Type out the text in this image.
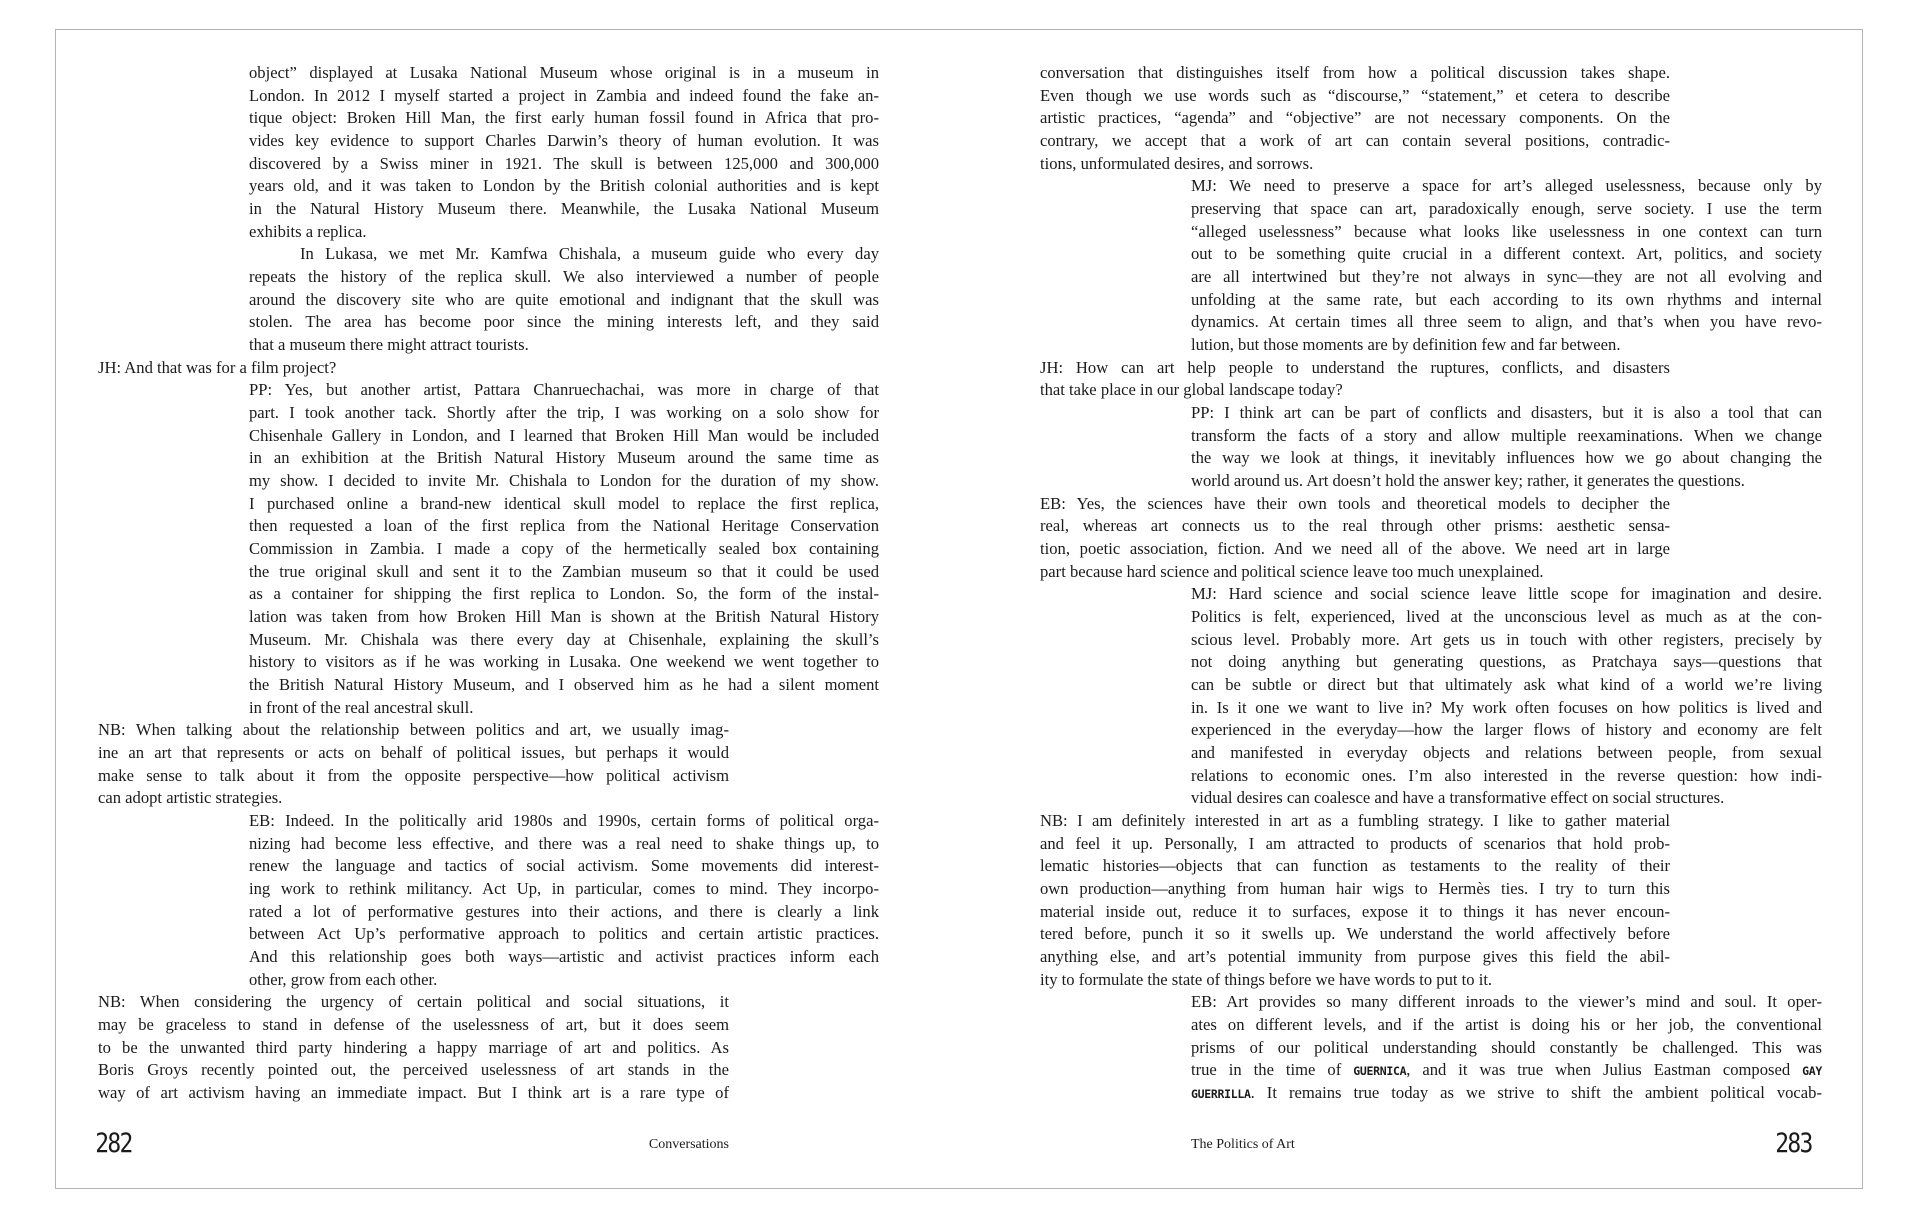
object” displayed at Lusaka National Museum whose original is in a museum in
London. In 2012 I myself started a project in Zambia and indeed found the fake an-
tique object: Broken Hill Man, the first early human fossil found in Africa that pro-
vides key evidence to support Charles Darwin’s theory of human evolution. It was
discovered by a Swiss miner in 1921. The skull is between 125,000 and 300,000
years old, and it was taken to London by the British colonial authorities and is kept
in the Natural History Museum there. Meanwhile, the Lusaka National Museum
exhibits a replica.
In Lukasa, we met Mr. Kamfwa Chishala, a museum guide who every day
repeats the history of the replica skull. We also interviewed a number of people
around the discovery site who are quite emotional and indignant that the skull was
stolen. The area has become poor since the mining interests left, and they said
that a museum there might attract tourists.
JH: And that was for a film project?
PP: Yes, but another artist, Pattara Chanruechachai, was more in charge of that
part. I took another tack. Shortly after the trip, I was working on a solo show for
Chisenhale Gallery in London, and I learned that Broken Hill Man would be included
in an exhibition at the British Natural History Museum around the same time as
my show. I decided to invite Mr. Chishala to London for the duration of my show.
I purchased online a brand-new identical skull model to replace the first replica,
then requested a loan of the first replica from the National Heritage Conservation
Commission in Zambia. I made a copy of the hermetically sealed box containing
the true original skull and sent it to the Zambian museum so that it could be used
as a container for shipping the first replica to London. So, the form of the instal-
lation was taken from how Broken Hill Man is shown at the British Natural History
Museum. Mr. Chishala was there every day at Chisenhale, explaining the skull’s
history to visitors as if he was working in Lusaka. One weekend we went together to
the British Natural History Museum, and I observed him as he had a silent moment
in front of the real ancestral skull.
NB: When talking about the relationship between politics and art, we usually imag-
ine an art that represents or acts on behalf of political issues, but perhaps it would
make sense to talk about it from the opposite perspective—how political activism
can adopt artistic strategies.
EB: Indeed. In the politically arid 1980s and 1990s, certain forms of political orga-
nizing had become less effective, and there was a real need to shake things up, to
renew the language and tactics of social activism. Some movements did interest-
ing work to rethink militancy. Act Up, in particular, comes to mind. They incorpo-
rated a lot of performative gestures into their actions, and there is clearly a link
between Act Up’s performative approach to politics and certain artistic practices.
And this relationship goes both ways—artistic and activist practices inform each
other, grow from each other.
NB: When considering the urgency of certain political and social situations, it
may be graceless to stand in defense of the uselessness of art, but it does seem
to be the unwanted third party hindering a happy marriage of art and politics. As
Boris Groys recently pointed out, the perceived uselessness of art stands in the
way of art activism having an immediate impact. But I think art is a rare type of
conversation that distinguishes itself from how a political discussion takes shape.
Even though we use words such as “discourse,” “statement,” et cetera to describe
artistic practices, “agenda” and “objective” are not necessary components. On the
contrary, we accept that a work of art can contain several positions, contradic-
tions, unformulated desires, and sorrows.
MJ: We need to preserve a space for art’s alleged uselessness, because only by
preserving that space can art, paradoxically enough, serve society. I use the term
“alleged uselessness” because what looks like uselessness in one context can turn
out to be something quite crucial in a different context. Art, politics, and society
are all intertwined but they’re not always in sync—they are not all evolving and
unfolding at the same rate, but each according to its own rhythms and internal
dynamics. At certain times all three seem to align, and that’s when you have revo-
lution, but those moments are by definition few and far between.
JH: How can art help people to understand the ruptures, conflicts, and disasters
that take place in our global landscape today?
PP: I think art can be part of conflicts and disasters, but it is also a tool that can
transform the facts of a story and allow multiple reexaminations. When we change
the way we look at things, it inevitably influences how we go about changing the
world around us. Art doesn’t hold the answer key; rather, it generates the questions.
EB: Yes, the sciences have their own tools and theoretical models to decipher the
real, whereas art connects us to the real through other prisms: aesthetic sensa-
tion, poetic association, fiction. And we need all of the above. We need art in large
part because hard science and political science leave too much unexplained.
MJ: Hard science and social science leave little scope for imagination and desire.
Politics is felt, experienced, lived at the unconscious level as much as at the con-
scious level. Probably more. Art gets us in touch with other registers, precisely by
not doing anything but generating questions, as Pratchaya says—questions that
can be subtle or direct but that ultimately ask what kind of a world we’re living
in. Is it one we want to live in? My work often focuses on how politics is lived and
experienced in the everyday—how the larger flows of history and economy are felt
and manifested in everyday objects and relations between people, from sexual
relations to economic ones. I’m also interested in the reverse question: how indi-
vidual desires can coalesce and have a transformative effect on social structures.
NB: I am definitely interested in art as a fumbling strategy. I like to gather material
and feel it up. Personally, I am attracted to products of scenarios that hold prob-
lematic histories—objects that can function as testaments to the reality of their
own production—anything from human hair wigs to Hermès ties. I try to turn this
material inside out, reduce it to surfaces, expose it to things it has never encoun-
tered before, punch it so it swells up. We understand the world affectively before
anything else, and art’s potential immunity from purpose gives this field the abil-
ity to formulate the state of things before we have words to put to it.
EB: Art provides so many different inroads to the viewer’s mind and soul. It oper-
ates on different levels, and if the artist is doing his or her job, the conventional
prisms of our political understanding should constantly be challenged. This was
true in the time of GUERNICA, and it was true when Julius Eastman composed GAY
GUERRILLA. It remains true today as we strive to shift the ambient political vocab-
282	Conversations	The Politics of Art	283
